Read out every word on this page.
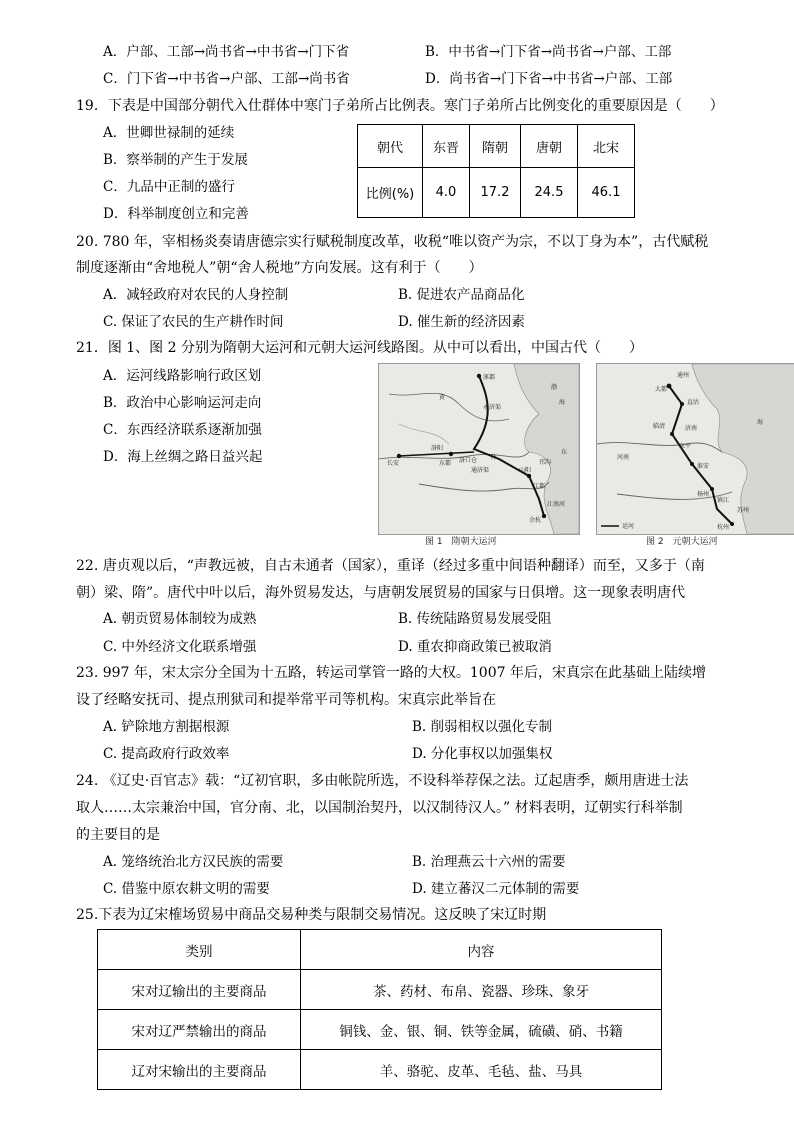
A．户部、工部→尚书省→中书省→门下省	B．中书省→门下省→尚书省→户部、工部
C．门下省→中书省→户部、工部→尚书省	D．尚书省→门下省→中书省→户部、工部
19．下表是中国部分朝代入仕群体中寒门子弟所占比例表。寒门子弟所占比例变化的重要原因是（　　）
A．世卿世禄制的延续
B．察举制的产生于发展
C．九品中正制的盛行
D．科举制度创立和完善
朝代	东晋	隋朝	唐朝	北宋
比例(%)	4.0	17.2	24.5	46.1
20. 780 年，宰相杨炎奏请唐德宗实行赋税制度改革，收税“唯以资产为宗，不以丁身为本”，古代赋税
制度逐渐由“舍地税人”朝“舍人税地”方向发展。这有利于（　　）
A．减轻政府对农民的人身控制	B. 促进农产品商品化
C. 保证了农民的生产耕作时间	D. 催生新的经济因素
21．图 1、图 2 分别为隋朝大运河和元朝大运河线路图。从中可以看出，中国古代（　　）
A．运河线路影响行政区划
B．政治中心影响运河走向
C．东西经济联系逐渐加强
D．海上丝绸之路日益兴起
涿郡
长安
洛阳
东都 洛口仓 汴
山阳
江都
余杭
黄
渤
海
东
永济渠
通济渠
邗沟
江南河
图 1　隋朝大运河
通州
大都
直沽
临清	济南
东平
河南
淮安
扬州
镇江
苏州
杭州
海
运河
图 2　元朝大运河
22. 唐贞观以后，“声教远被，自古未通者（国家），重译（经过多重中间语种翻译）而至，又多于（南
朝）梁、隋”。唐代中叶以后，海外贸易发达，与唐朝发展贸易的国家与日俱增。这一现象表明唐代
A. 朝贡贸易体制较为成熟	B. 传统陆路贸易发展受阻
C. 中外经济文化联系增强	D. 重农抑商政策已被取消
23. 997 年，宋太宗分全国为十五路，转运司掌管一路的大权。1007 年后，宋真宗在此基础上陆续增
设了经略安抚司、提点刑狱司和提举常平司等机构。宋真宗此举旨在
A. 铲除地方割据根源	B. 削弱相权以强化专制
C. 提高政府行政效率	D. 分化事权以加强集权
24. 《辽史·百官志》载：“辽初官职，多由帐院所选，不设科举荐保之法。辽起唐季，颇用唐进士法
取人……太宗兼治中国，官分南、北，以国制治契丹，以汉制待汉人。” 材料表明，辽朝实行科举制
的主要目的是
A. 笼络统治北方汉民族的需要	B. 治理燕云十六州的需要
C. 借鉴中原农耕文明的需要	D. 建立蕃汉二元体制的需要
25.下表为辽宋榷场贸易中商品交易种类与限制交易情况。这反映了宋辽时期
类别	内容
宋对辽输出的主要商品	茶、药材、布帛、瓷器、珍珠、象牙
宋对辽严禁输出的商品	铜钱、金、银、铜、铁等金属，硫磺、硝、书籍
辽对宋输出的主要商品	羊、骆驼、皮革、毛毡、盐、马具
